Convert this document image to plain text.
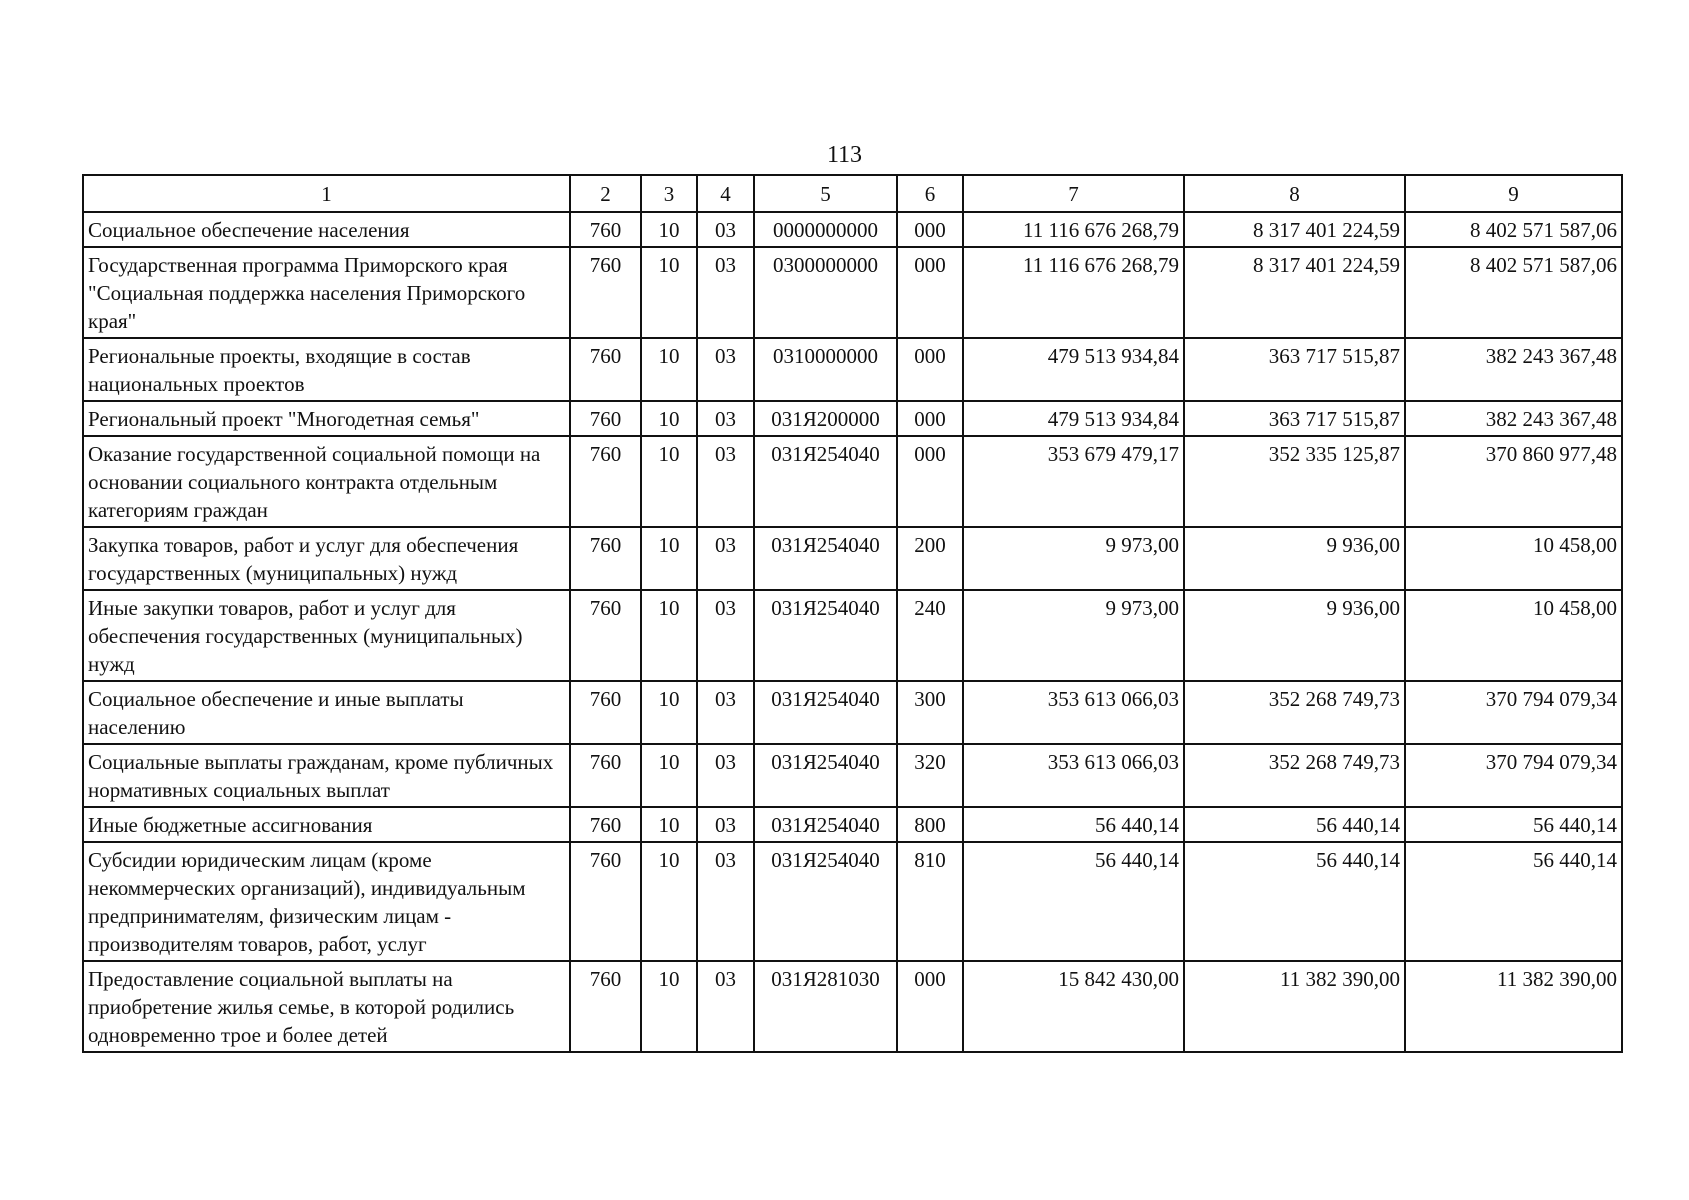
113
1	2	3	4	5	6	7	8	9
Социальное обеспечение населения	760	10	03	0000000000	000	11 116 676 268,79	8 317 401 224,59	8 402 571 587,06
Государственная программа Приморского края "Социальная поддержка населения Приморского края"	760	10	03	0300000000	000	11 116 676 268,79	8 317 401 224,59	8 402 571 587,06
Региональные проекты, входящие в состав национальных проектов	760	10	03	0310000000	000	479 513 934,84	363 717 515,87	382 243 367,48
Региональный проект "Многодетная семья"	760	10	03	031Я200000	000	479 513 934,84	363 717 515,87	382 243 367,48
Оказание государственной социальной помощи на основании социального контракта отдельным категориям граждан	760	10	03	031Я254040	000	353 679 479,17	352 335 125,87	370 860 977,48
Закупка товаров, работ и услуг для обеспечения государственных (муниципальных) нужд	760	10	03	031Я254040	200	9 973,00	9 936,00	10 458,00
Иные закупки товаров, работ и услуг для обеспечения государственных (муниципальных) нужд	760	10	03	031Я254040	240	9 973,00	9 936,00	10 458,00
Социальное обеспечение и иные выплаты населению	760	10	03	031Я254040	300	353 613 066,03	352 268 749,73	370 794 079,34
Социальные выплаты гражданам, кроме публичных нормативных социальных выплат	760	10	03	031Я254040	320	353 613 066,03	352 268 749,73	370 794 079,34
Иные бюджетные ассигнования	760	10	03	031Я254040	800	56 440,14	56 440,14	56 440,14
Субсидии юридическим лицам (кроме некоммерческих организаций), индивидуальным предпринимателям, физическим лицам - производителям товаров, работ, услуг	760	10	03	031Я254040	810	56 440,14	56 440,14	56 440,14
Предоставление социальной выплаты на приобретение жилья семье, в которой родились одновременно трое и более детей	760	10	03	031Я281030	000	15 842 430,00	11 382 390,00	11 382 390,00
